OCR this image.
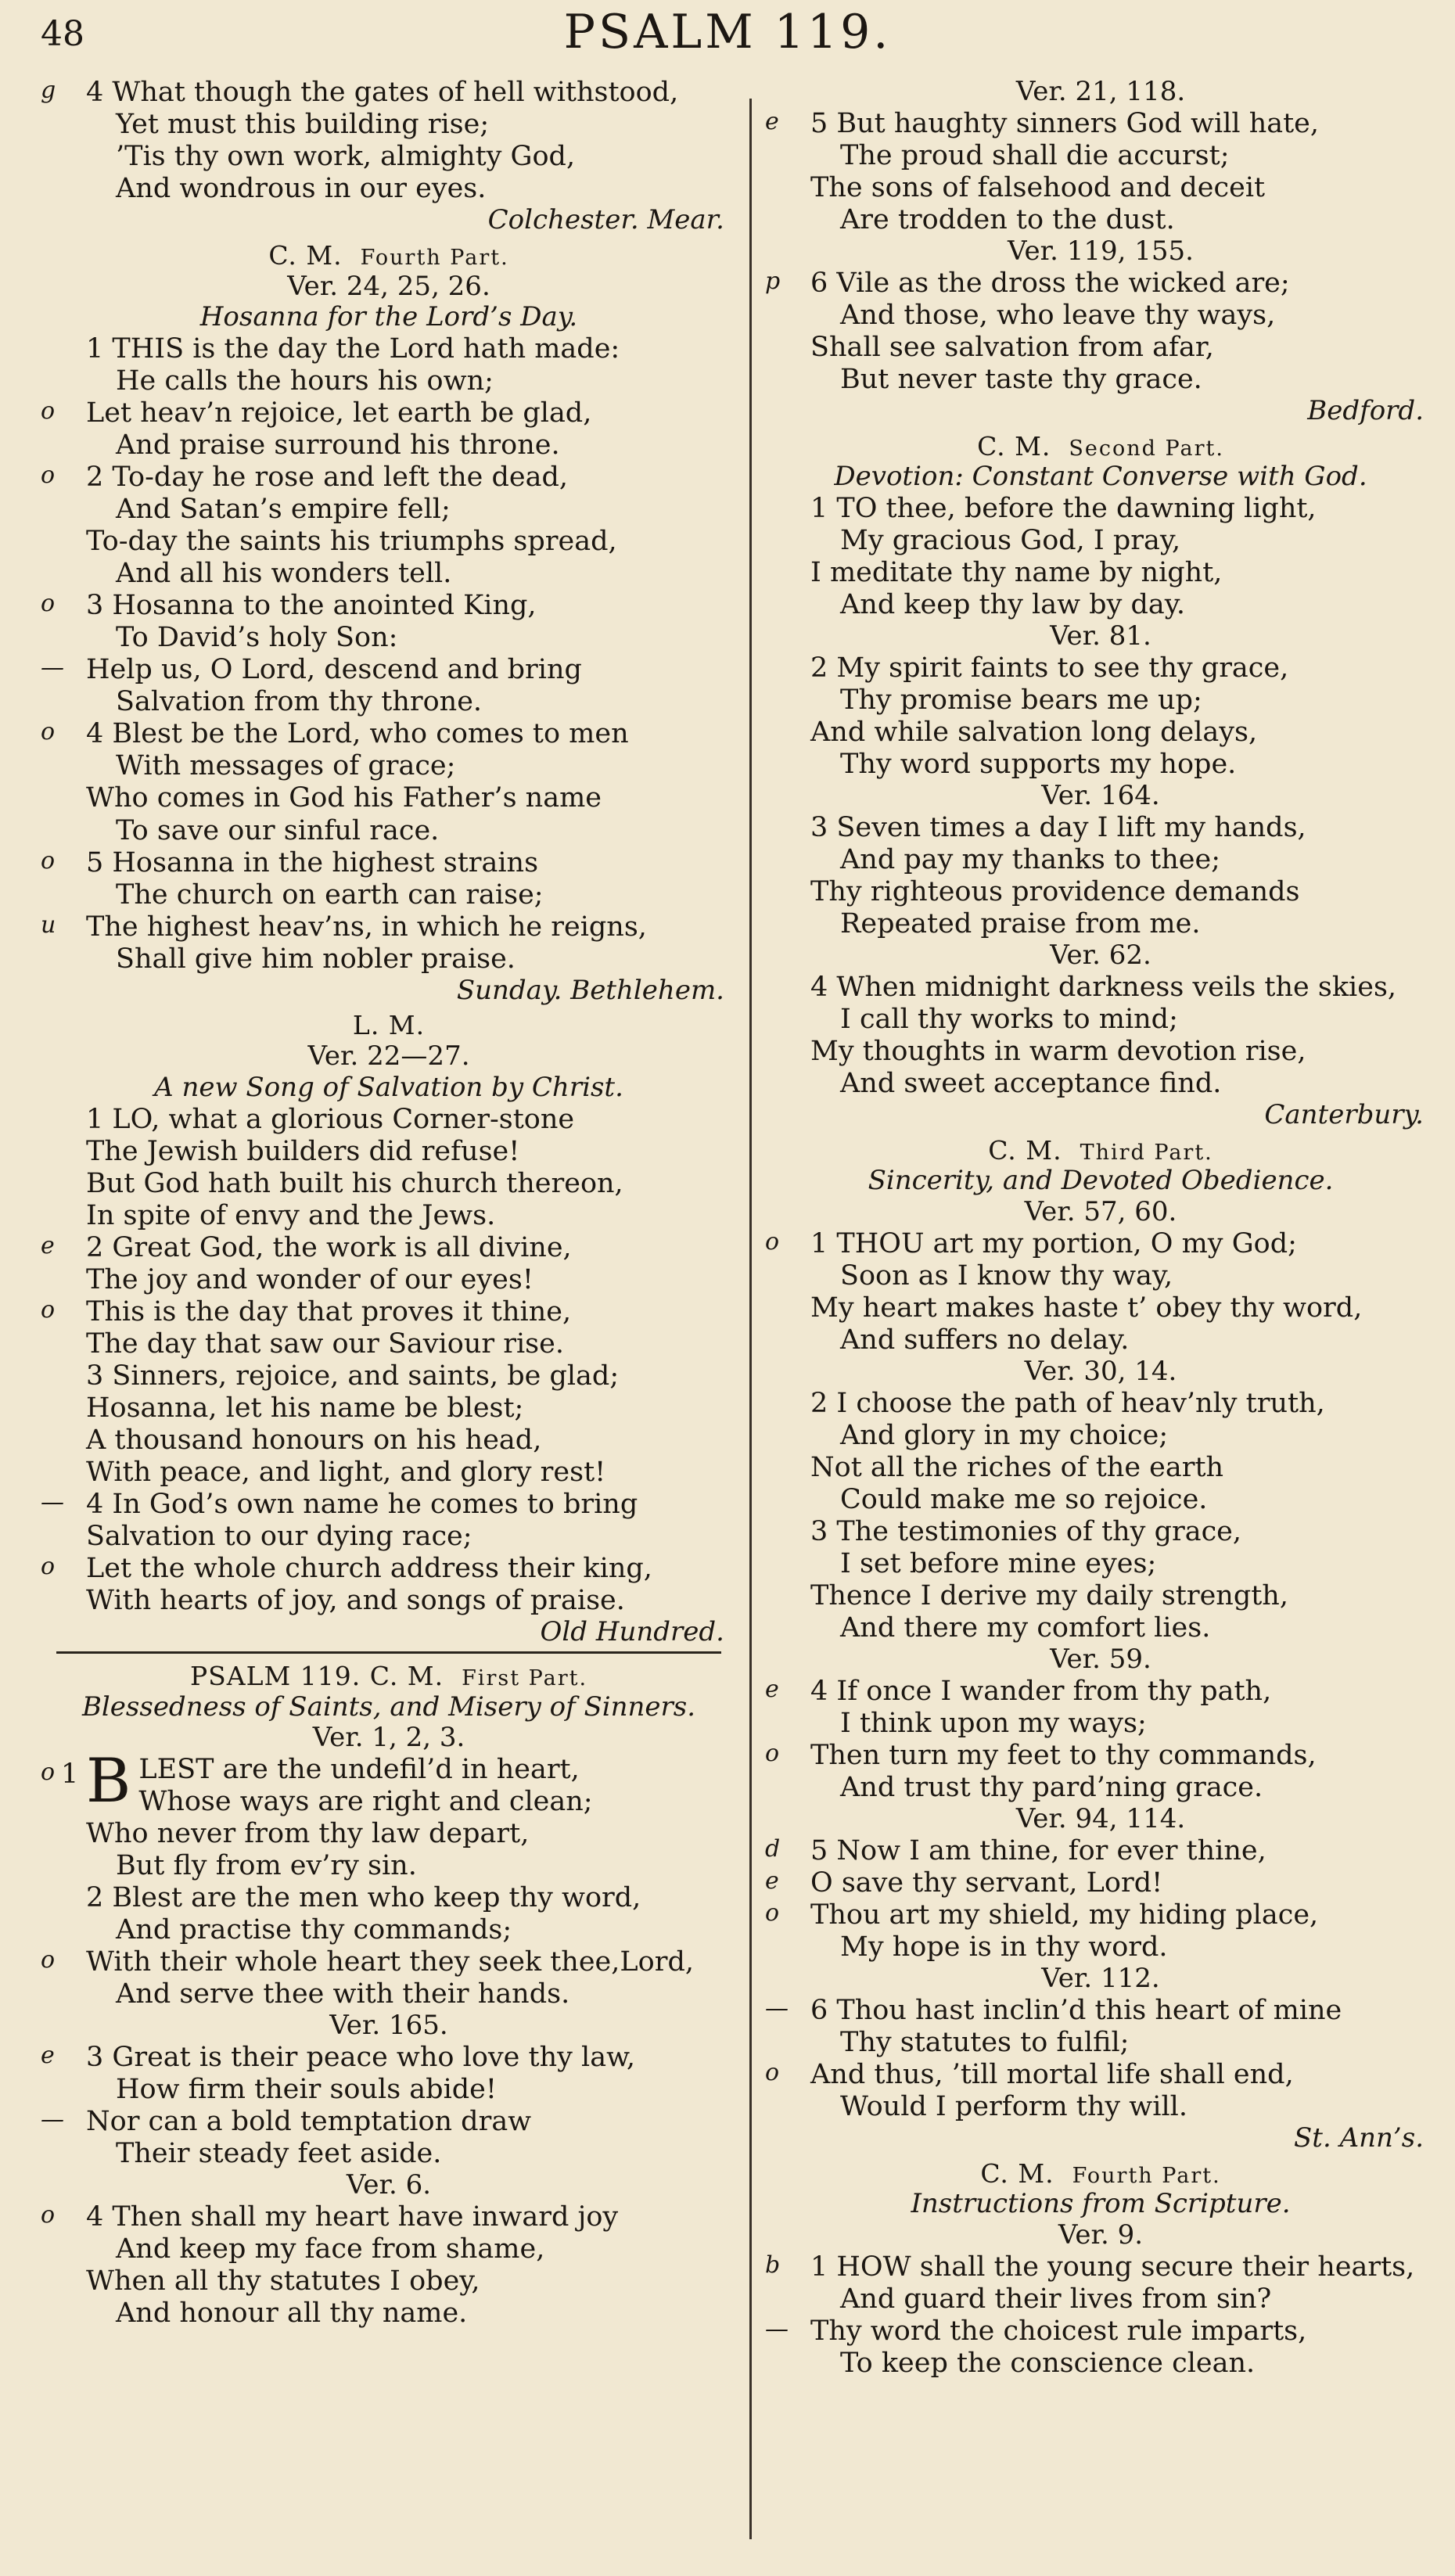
PSALM 119.
48
g 4 What though the gates of hell withstood,
Yet must this building rise;
’Tis thy own work, almighty God,
And wondrous in our eyes.
Colchester. Mear.
C. M. Fourth Part.
Ver. 24, 25, 26.
Hosanna for the Lord’s Day.
1 THIS is the day the Lord hath made:
He calls the hours his own;
o Let heav’n rejoice, let earth be glad,
And praise surround his throne.
o 2 To-day he rose and left the dead,
And Satan’s empire fell;
To-day the saints his triumphs spread,
And all his wonders tell.
o 3 Hosanna to the anointed King,
To David’s holy Son:
— Help us, O Lord, descend and bring
Salvation from thy throne.
o 4 Blest be the Lord, who comes to men
With messages of grace;
Who comes in God his Father’s name
To save our sinful race.
o 5 Hosanna in the highest strains
The church on earth can raise;
u The highest heav’ns, in which he reigns,
Shall give him nobler praise.
Sunday. Bethlehem.
L. M.
Ver. 22—27.
A new Song of Salvation by Christ.
1 LO, what a glorious Corner-stone
The Jewish builders did refuse!
But God hath built his church thereon,
In spite of envy and the Jews.
e 2 Great God, the work is all divine,
The joy and wonder of our eyes!
o This is the day that proves it thine,
The day that saw our Saviour rise.
3 Sinners, rejoice, and saints, be glad;
Hosanna, let his name be blest;
A thousand honours on his head,
With peace, and light, and glory rest!
— 4 In God’s own name he comes to bring
Salvation to our dying race;
o Let the whole church address their king,
With hearts of joy, and songs of praise.
Old Hundred.
PSALM 119. C. M. First Part.
Blessedness of Saints, and Misery of Sinners.
Ver. 1, 2, 3.
o 1 B LEST are the undefil’d in heart,
Whose ways are right and clean;
Who never from thy law depart,
But fly from ev’ry sin.
2 Blest are the men who keep thy word,
And practise thy commands;
o With their whole heart they seek thee,Lord,
And serve thee with their hands.
Ver. 165.
e 3 Great is their peace who love thy law,
How firm their souls abide!
— Nor can a bold temptation draw
Their steady feet aside.
Ver. 6.
o 4 Then shall my heart have inward joy
And keep my face from shame,
When all thy statutes I obey,
And honour all thy name.
Ver. 21, 118.
e 5 But haughty sinners God will hate,
The proud shall die accurst;
The sons of falsehood and deceit
Are trodden to the dust.
Ver. 119, 155.
p 6 Vile as the dross the wicked are;
And those, who leave thy ways,
Shall see salvation from afar,
But never taste thy grace.
Bedford.
C. M. Second Part.
Devotion: Constant Converse with God.
1 TO thee, before the dawning light,
My gracious God, I pray,
I meditate thy name by night,
And keep thy law by day.
Ver. 81.
2 My spirit faints to see thy grace,
Thy promise bears me up;
And while salvation long delays,
Thy word supports my hope.
Ver. 164.
3 Seven times a day I lift my hands,
And pay my thanks to thee;
Thy righteous providence demands
Repeated praise from me.
Ver. 62.
4 When midnight darkness veils the skies,
I call thy works to mind;
My thoughts in warm devotion rise,
And sweet acceptance find.
Canterbury.
C. M. Third Part.
Sincerity, and Devoted Obedience.
Ver. 57, 60.
o 1 THOU art my portion, O my God;
Soon as I know thy way,
My heart makes haste t’ obey thy word,
And suffers no delay.
Ver. 30, 14.
2 I choose the path of heav’nly truth,
And glory in my choice;
Not all the riches of the earth
Could make me so rejoice.
3 The testimonies of thy grace,
I set before mine eyes;
Thence I derive my daily strength,
And there my comfort lies.
Ver. 59.
e 4 If once I wander from thy path,
I think upon my ways;
o Then turn my feet to thy commands,
And trust thy pard’ning grace.
Ver. 94, 114.
d 5 Now I am thine, for ever thine,
e O save thy servant, Lord!
o Thou art my shield, my hiding place,
My hope is in thy word.
Ver. 112.
— 6 Thou hast inclin’d this heart of mine
Thy statutes to fulfil;
o And thus, ’till mortal life shall end,
Would I perform thy will.
St. Ann’s.
C. M. Fourth Part.
Instructions from Scripture.
Ver. 9.
b 1 HOW shall the young secure their hearts,
And guard their lives from sin?
— Thy word the choicest rule imparts,
To keep the conscience clean.
